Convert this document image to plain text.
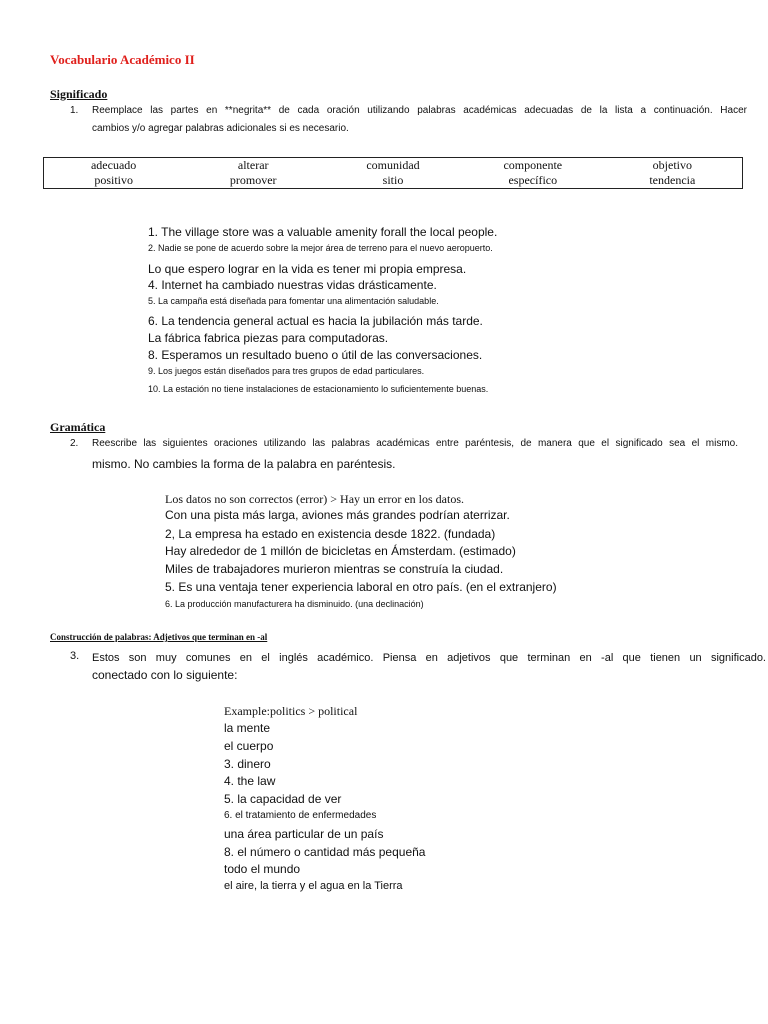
Vocabulario Académico II
Significado
1. Reemplace las partes en **negrita** de cada oración utilizando palabras académicas adecuadas de la lista a continuación. Hacer
cambios y/o agregar palabras adicionales si es necesario.
adecuado	alterar	comunidad	componente	objetivo
positivo	promover	sitio	específico	tendencia
1. The village store was a valuable amenity forall the local people.
2. Nadie se pone de acuerdo sobre la mejor área de terreno para el nuevo aeropuerto.
Lo que espero lograr en la vida es tener mi propia empresa.
4. Internet ha cambiado nuestras vidas drásticamente.
5. La campaña está diseñada para fomentar una alimentación saludable.
6. La tendencia general actual es hacia la jubilación más tarde.
La fábrica fabrica piezas para computadoras.
8. Esperamos un resultado bueno o útil de las conversaciones.
9. Los juegos están diseñados para tres grupos de edad particulares.
10. La estación no tiene instalaciones de estacionamiento lo suficientemente buenas.
Gramática
2. Reescribe las siguientes oraciones utilizando las palabras académicas entre paréntesis, de manera que el significado sea el mismo.
mismo. No cambies la forma de la palabra en paréntesis.
Los datos no son correctos (error) > Hay un error en los datos.
Con una pista más larga, aviones más grandes podrían aterrizar.
2, La empresa ha estado en existencia desde 1822. (fundada)
Hay alrededor de 1 millón de bicicletas en Ámsterdam. (estimado)
Miles de trabajadores murieron mientras se construía la ciudad.
5. Es una ventaja tener experiencia laboral en otro país. (en el extranjero)
6. La producción manufacturera ha disminuido. (una declinación)
Construcción de palabras: Adjetivos que terminan en -al
3. Estos son muy comunes en el inglés académico. Piensa en adjetivos que terminan en -al que tienen un significado.
conectado con lo siguiente:
Example:politics > political
la mente
el cuerpo
3. dinero
4. the law
5. la capacidad de ver
6. el tratamiento de enfermedades
una área particular de un país
8. el número o cantidad más pequeña
todo el mundo
el aire, la tierra y el agua en la Tierra
